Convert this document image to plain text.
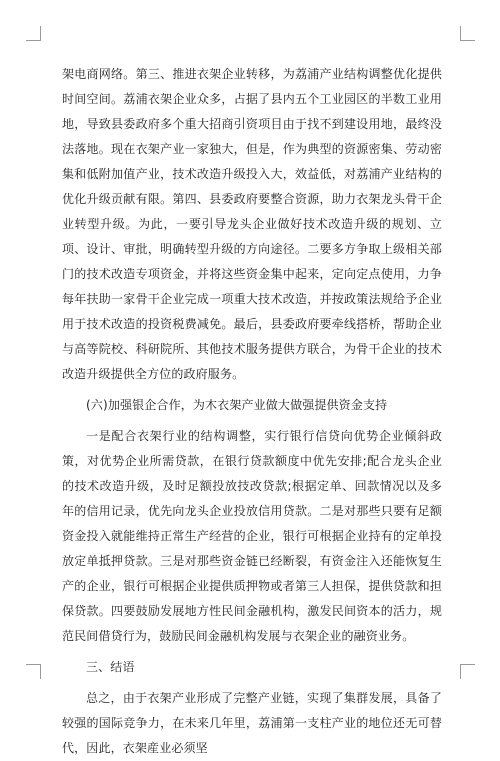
架电商网络。第三、推进衣架企业转移，为荔浦产业结构调整优化提供时间空间。荔浦衣架企业众多，占据了县内五个工业园区的半数工业用地，导致县委政府多个重大招商引资项目由于找不到建设用地，最终没法落地。现在衣架产业一家独大，但是，作为典型的资源密集、劳动密集和低附加值产业，技术改造升级投入大，效益低，对荔浦产业结构的优化升级贡献有限。第四、县委政府要整合资源，助力衣架龙头骨干企业转型升级。为此，一要引导龙头企业做好技术改造升级的规划、立项、设计、审批，明确转型升级的方向途径。二要多方争取上级相关部门的技术改造专项资金，并将这些资金集中起来，定向定点使用，力争每年扶助一家骨干企业完成一项重大技术改造，并按政策法规给予企业用于技术改造的投资税费减免。最后，县委政府要牵线搭桥，帮助企业与高等院校、科研院所、其他技术服务提供方联合，为骨干企业的技术改造升级提供全方位的政府服务。

(六)加强银企合作，为木衣架产业做大做强提供资金支持

一是配合衣架行业的结构调整，实行银行信贷向优势企业倾斜政策，对优势企业所需贷款，在银行贷款额度中优先安排;配合龙头企业的技术改造升级，及时足额投放技改贷款;根据定单、回款情况以及多年的信用记录，优先向龙头企业投放信用贷款。二是对那些只要有足额资金投入就能维持正常生产经营的企业，银行可根据企业持有的定单投放定单抵押贷款。三是对那些资金链已经断裂，有资金注入还能恢复生产的企业，银行可根据企业提供质押物或者第三人担保，提供贷款和担保贷款。四要鼓励发展地方性民间金融机构，激发民间资本的活力，规范民间借贷行为，鼓励民间金融机构发展与衣架企业的融资业务。

三、结语

总之，由于衣架产业形成了完整产业链，实现了集群发展，具备了较强的国际竞争力，在未来几年里，荔浦第一支柱产业的地位还无可替代，因此，衣架産业必须坚
